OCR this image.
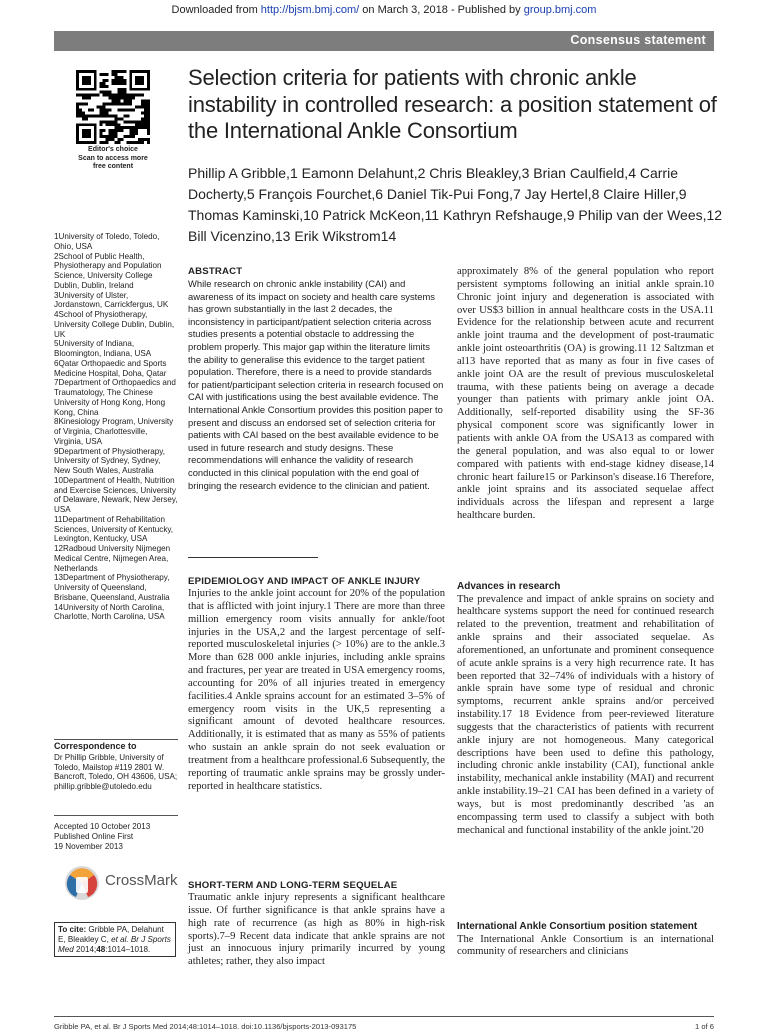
Downloaded from http://bjsm.bmj.com/ on March 3, 2018 - Published by group.bmj.com
Consensus statement
Editor's choice
Scan to access more
free content
Selection criteria for patients with chronic ankle instability in controlled research: a position statement of the International Ankle Consortium
Phillip A Gribble,1 Eamonn Delahunt,2 Chris Bleakley,3 Brian Caulfield,4 Carrie Docherty,5 François Fourchet,6 Daniel Tik-Pui Fong,7 Jay Hertel,8 Claire Hiller,9 Thomas Kaminski,10 Patrick McKeon,11 Kathryn Refshauge,9 Philip van der Wees,12 Bill Vicenzino,13 Erik Wikstrom14

1University of Toledo, Toledo, Ohio, USA

2School of Public Health, Physiotherapy and Population Science, University College Dublin, Dublin, Ireland

3University of Ulster, Jordanstown, Carrickfergus, UK

4School of Physiotherapy, University College Dublin, Dublin, UK

5University of Indiana, Bloomington, Indiana, USA

6Qatar Orthopaedic and Sports Medicine Hospital, Doha, Qatar

7Department of Orthopaedics and Traumatology, The Chinese University of Hong Kong, Hong Kong, China

8Kinesiology Program, University of Virginia, Charlottesville, Virginia, USA

9Department of Physiotherapy, University of Sydney, Sydney, New South Wales, Australia

10Department of Health, Nutrition and Exercise Sciences, University of Delaware, Newark, New Jersey, USA

11Department of Rehabilitation Sciences, University of Kentucky, Lexington, Kentucky, USA

12Radboud University Nijmegen Medical Centre, Nijmegen Area, Netherlands

13Department of Physiotherapy, University of Queensland, Brisbane, Queensland, Australia

14University of North Carolina, Charlotte, North Carolina, USA

Correspondence to
Dr Phillip Gribble, University of Toledo, Mailstop #119 2801 W. Bancroft, Toledo, OH 43606, USA; phillip.gribble@utoledo.edu
Accepted 10 October 2013
Published Online First
19 November 2013
CrossMark
To cite: Gribble PA, Delahunt E, Bleakley C, et al. Br J Sports Med 2014;48:1014–1018.
ABSTRACT
While research on chronic ankle instability (CAI) and awareness of its impact on society and health care systems has grown substantially in the last 2 decades, the inconsistency in participant/patient selection criteria across studies presents a potential obstacle to addressing the problem properly. This major gap within the literature limits the ability to generalise this evidence to the target patient population. Therefore, there is a need to provide standards for patient/participant selection criteria in research focused on CAI with justifications using the best available evidence. The International Ankle Consortium provides this position paper to present and discuss an endorsed set of selection criteria for patients with CAI based on the best available evidence to be used in future research and study designs. These recommendations will enhance the validity of research conducted in this clinical population with the end goal of bringing the research evidence to the clinician and patient.
EPIDEMIOLOGY AND IMPACT OF ANKLE INJURY
Injuries to the ankle joint account for 20% of the population that is afflicted with joint injury.1 There are more than three million emergency room visits annually for ankle/foot injuries in the USA,2 and the largest percentage of self-reported musculoskeletal injuries (> 10%) are to the ankle.3 More than 628 000 ankle injuries, including ankle sprains and fractures, per year are treated in USA emergency rooms, accounting for 20% of all injuries treated in emergency facilities.4 Ankle sprains account for an estimated 3–5% of emergency room visits in the UK,5 representing a significant amount of devoted healthcare resources. Additionally, it is estimated that as many as 55% of patients who sustain an ankle sprain do not seek evaluation or treatment from a healthcare professional.6 Subsequently, the reporting of traumatic ankle sprains may be grossly under-reported in healthcare statistics.
SHORT-TERM AND LONG-TERM SEQUELAE
Traumatic ankle injury represents a significant healthcare issue. Of further significance is that ankle sprains have a high rate of recurrence (as high as 80% in high-risk sports).7–9 Recent data indicate that ankle sprains are not just an innocuous injury primarily incurred by young athletes; rather, they also impact
approximately 8% of the general population who report persistent symptoms following an initial ankle sprain.10 Chronic joint injury and degeneration is associated with over US$3 billion in annual healthcare costs in the USA.11 Evidence for the relationship between acute and recurrent ankle joint trauma and the development of post-traumatic ankle joint osteoarthritis (OA) is growing.11 12 Saltzman et al13 have reported that as many as four in five cases of ankle joint OA are the result of previous musculoskeletal trauma, with these patients being on average a decade younger than patients with primary ankle joint OA. Additionally, self-reported disability using the SF-36 physical component score was significantly lower in patients with ankle OA from the USA13 as compared with the general population, and was also equal to or lower compared with patients with end-stage kidney disease,14 chronic heart failure15 or Parkinson's disease.16 Therefore, ankle joint sprains and its associated sequelae affect individuals across the lifespan and represent a large healthcare burden.
Advances in research
The prevalence and impact of ankle sprains on society and healthcare systems support the need for continued research related to the prevention, treatment and rehabilitation of ankle sprains and their associated sequelae. As aforementioned, an unfortunate and prominent consequence of acute ankle sprains is a very high recurrence rate. It has been reported that 32–74% of individuals with a history of ankle sprain have some type of residual and chronic symptoms, recurrent ankle sprains and/or perceived instability.17 18 Evidence from peer-reviewed literature suggests that the characteristics of patients with recurrent ankle injury are not homogeneous. Many categorical descriptions have been used to define this pathology, including chronic ankle instability (CAI), functional ankle instability, mechanical ankle instability (MAI) and recurrent ankle instability.19–21 CAI has been defined in a variety of ways, but is most predominantly described 'as an encompassing term used to classify a subject with both mechanical and functional instability of the ankle joint.'20
International Ankle Consortium position statement
The International Ankle Consortium is an international community of researchers and clinicians
Gribble PA, et al. Br J Sports Med 2014;48:1014–1018. doi:10.1136/bjsports-2013-093175	1 of 6
